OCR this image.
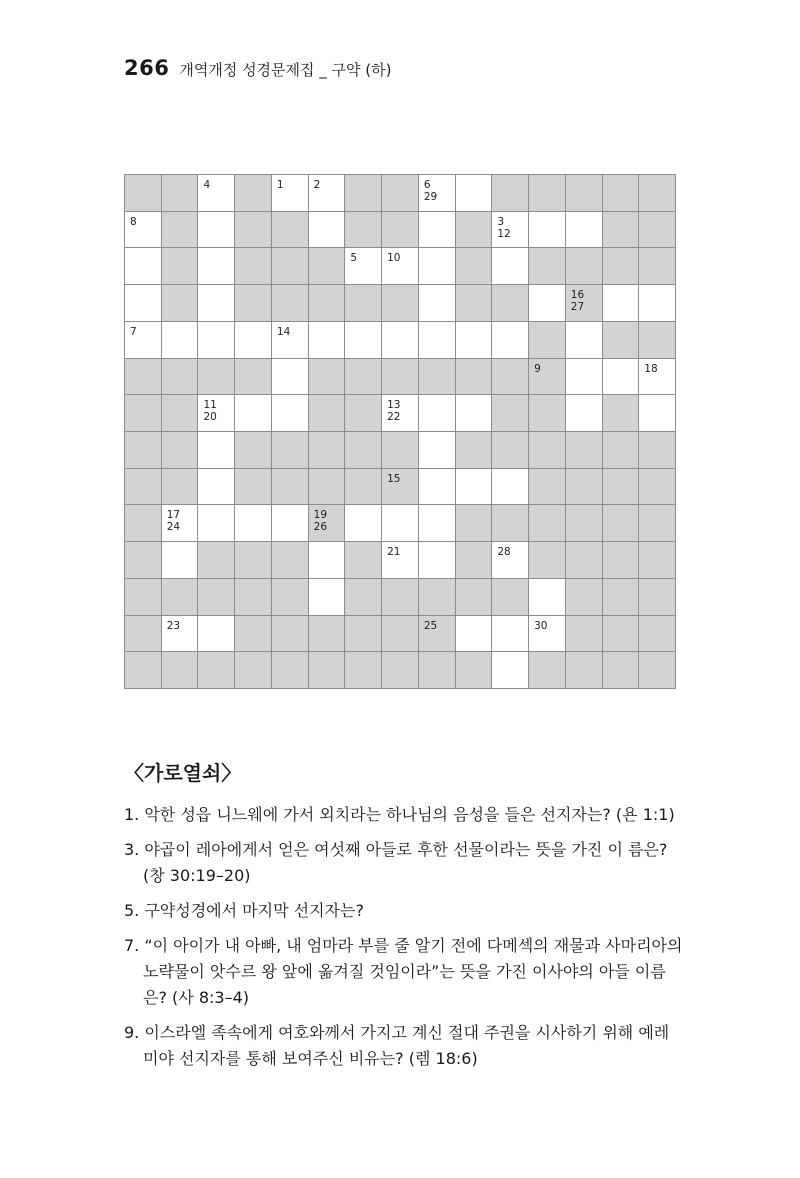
266 개역개정 성경문제집 _ 구약 (하)
4	1	2	6
29
8	3
12
5	10
16
27
7	14
9	18
11
20
13
22
15
17
24
19
26
21	28
23	25	30
〈가로열쇠〉
1. 악한 성읍 니느웨에 가서 외치라는 하나님의 음성을 들은 선지자는? (욘 1:1)
3. 야곱이 레아에게서 얻은 여섯째 아들로 후한 선물이라는 뜻을 가진 이 름은? (창 30:19–20)
5. 구약성경에서 마지막 선지자는?
7. “이 아이가 내 아빠, 내 엄마라 부를 줄 알기 전에 다메섹의 재물과 사마리아의 노략물이 앗수르 왕 앞에 옮겨질 것임이라”는 뜻을 가진 이사야의 아들 이름은? (사 8:3–4)
9. 이스라엘 족속에게 여호와께서 가지고 계신 절대 주권을 시사하기 위해 예레미야 선지자를 통해 보여주신 비유는? (렘 18:6)
